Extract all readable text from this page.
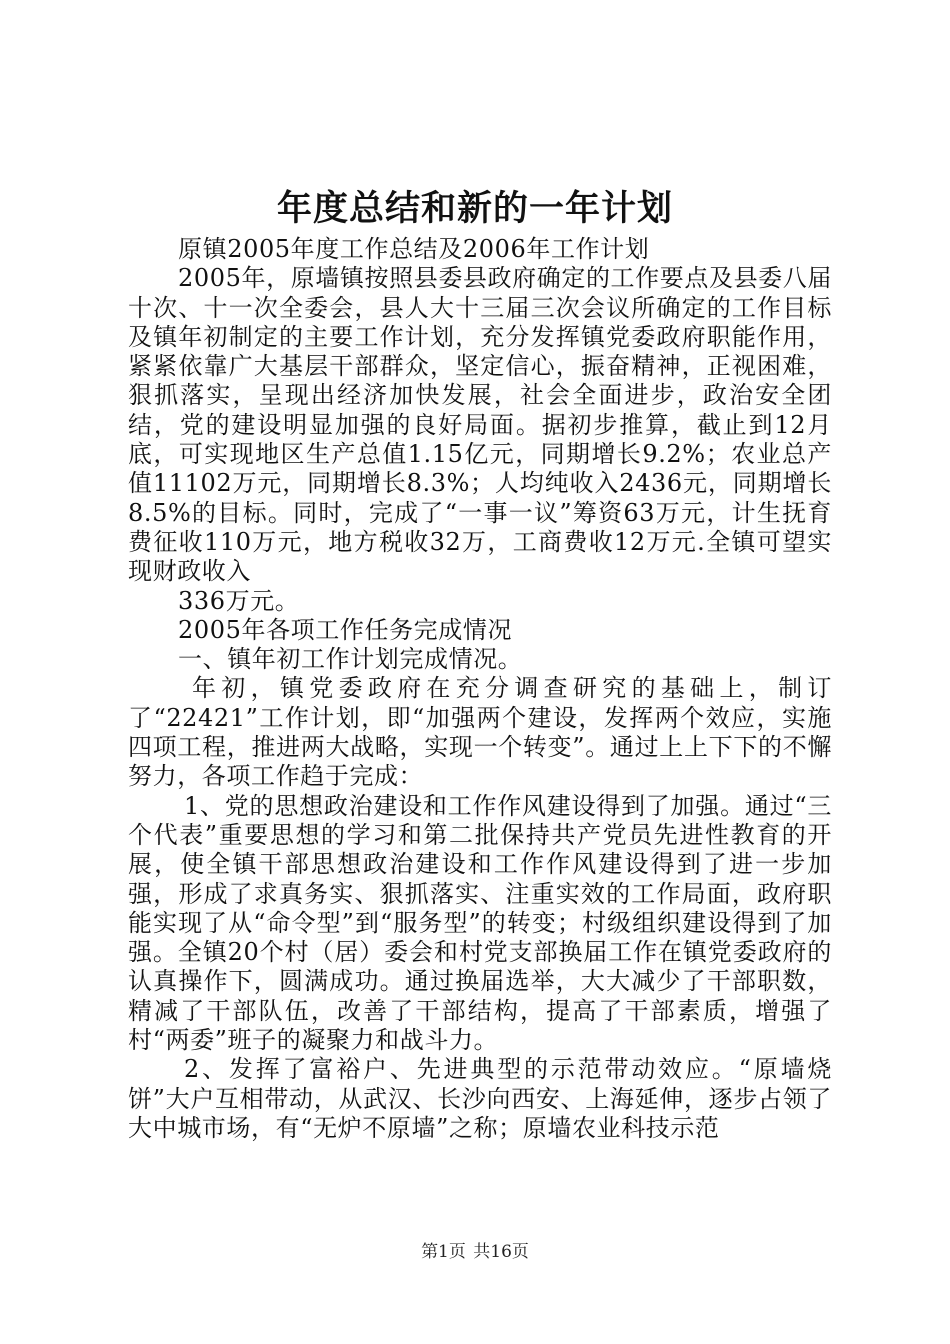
年度总结和新的一年计划

原镇2005年度工作总结及2006年工作计划

2005年，原墙镇按照县委县政府确定的工作要点及县委八届十次、十一次全委会，县人大十三届三次会议所确定的工作目标及镇年初制定的主要工作计划，充分发挥镇党委政府职能作用，紧紧依靠广大基层干部群众，坚定信心，振奋精神，正视困难，狠抓落实，呈现出经济加快发展，社会全面进步，政治安全团结，党的建设明显加强的良好局面。据初步推算，截止到12月底，可实现地区生产总值1.15亿元，同期增长9.2%；农业总产值11102万元，同期增长8.3%；人均纯收入2436元，同期增长8.5%的目标。同时，完成了“一事一议”筹资63万元，计生抚育费征收110万元，地方税收32万，工商费收12万元.全镇可望实现财政收入

336万元。

2005年各项工作任务完成情况

一、镇年初工作计划完成情况。

年初，镇党委政府在充分调查研究的基础上，制订了“22421”工作计划，即“加强两个建设，发挥两个效应，实施四项工程，推进两大战略，实现一个转变”。通过上上下下的不懈努力，各项工作趋于完成：

1、党的思想政治建设和工作作风建设得到了加强。通过“三个代表”重要思想的学习和第二批保持共产党员先进性教育的开展，使全镇干部思想政治建设和工作作风建设得到了进一步加强，形成了求真务实、狠抓落实、注重实效的工作局面，政府职能实现了从“命令型”到“服务型”的转变；村级组织建设得到了加强。全镇20个村（居）委会和村党支部换届工作在镇党委政府的认真操作下，圆满成功。通过换届选举，大大减少了干部职数，精减了干部队伍，改善了干部结构，提高了干部素质，增强了村“两委”班子的凝聚力和战斗力。

2、发挥了富裕户、先进典型的示范带动效应。“原墙烧饼”大户互相带动，从武汉、长沙向西安、上海延伸，逐步占领了大中城市场，有“无炉不原墙”之称；原墙农业科技示范

第1页 共16页
